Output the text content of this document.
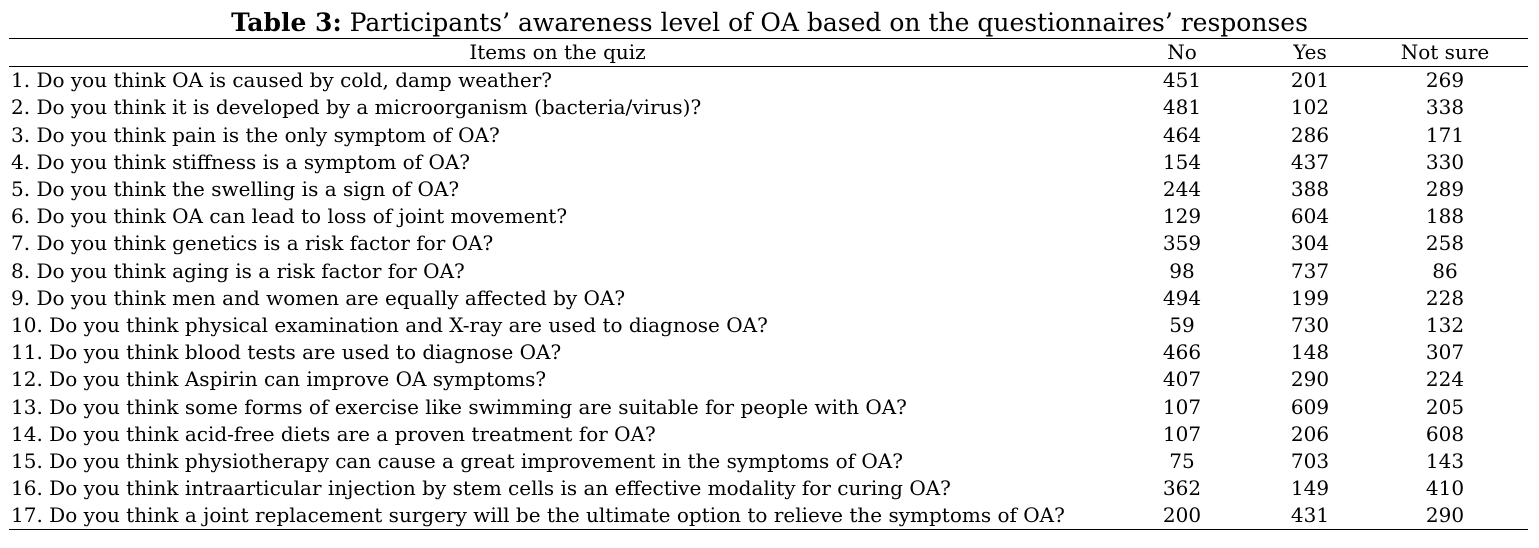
Table 3: Participants’ awareness level of OA based on the questionnaires’ responses
Items on the quiz	No	Yes	Not sure
1. Do you think OA is caused by cold, damp weather?	451	201	269
2. Do you think it is developed by a microorganism (bacteria/virus)?	481	102	338
3. Do you think pain is the only symptom of OA?	464	286	171
4. Do you think stiffness is a symptom of OA?	154	437	330
5. Do you think the swelling is a sign of OA?	244	388	289
6. Do you think OA can lead to loss of joint movement?	129	604	188
7. Do you think genetics is a risk factor for OA?	359	304	258
8. Do you think aging is a risk factor for OA?	98	737	86
9. Do you think men and women are equally affected by OA?	494	199	228
10. Do you think physical examination and X-ray are used to diagnose OA?	59	730	132
11. Do you think blood tests are used to diagnose OA?	466	148	307
12. Do you think Aspirin can improve OA symptoms?	407	290	224
13. Do you think some forms of exercise like swimming are suitable for people with OA?	107	609	205
14. Do you think acid-free diets are a proven treatment for OA?	107	206	608
15. Do you think physiotherapy can cause a great improvement in the symptoms of OA?	75	703	143
16. Do you think intraarticular injection by stem cells is an effective modality for curing OA?	362	149	410
17. Do you think a joint replacement surgery will be the ultimate option to relieve the symptoms of OA?	200	431	290
